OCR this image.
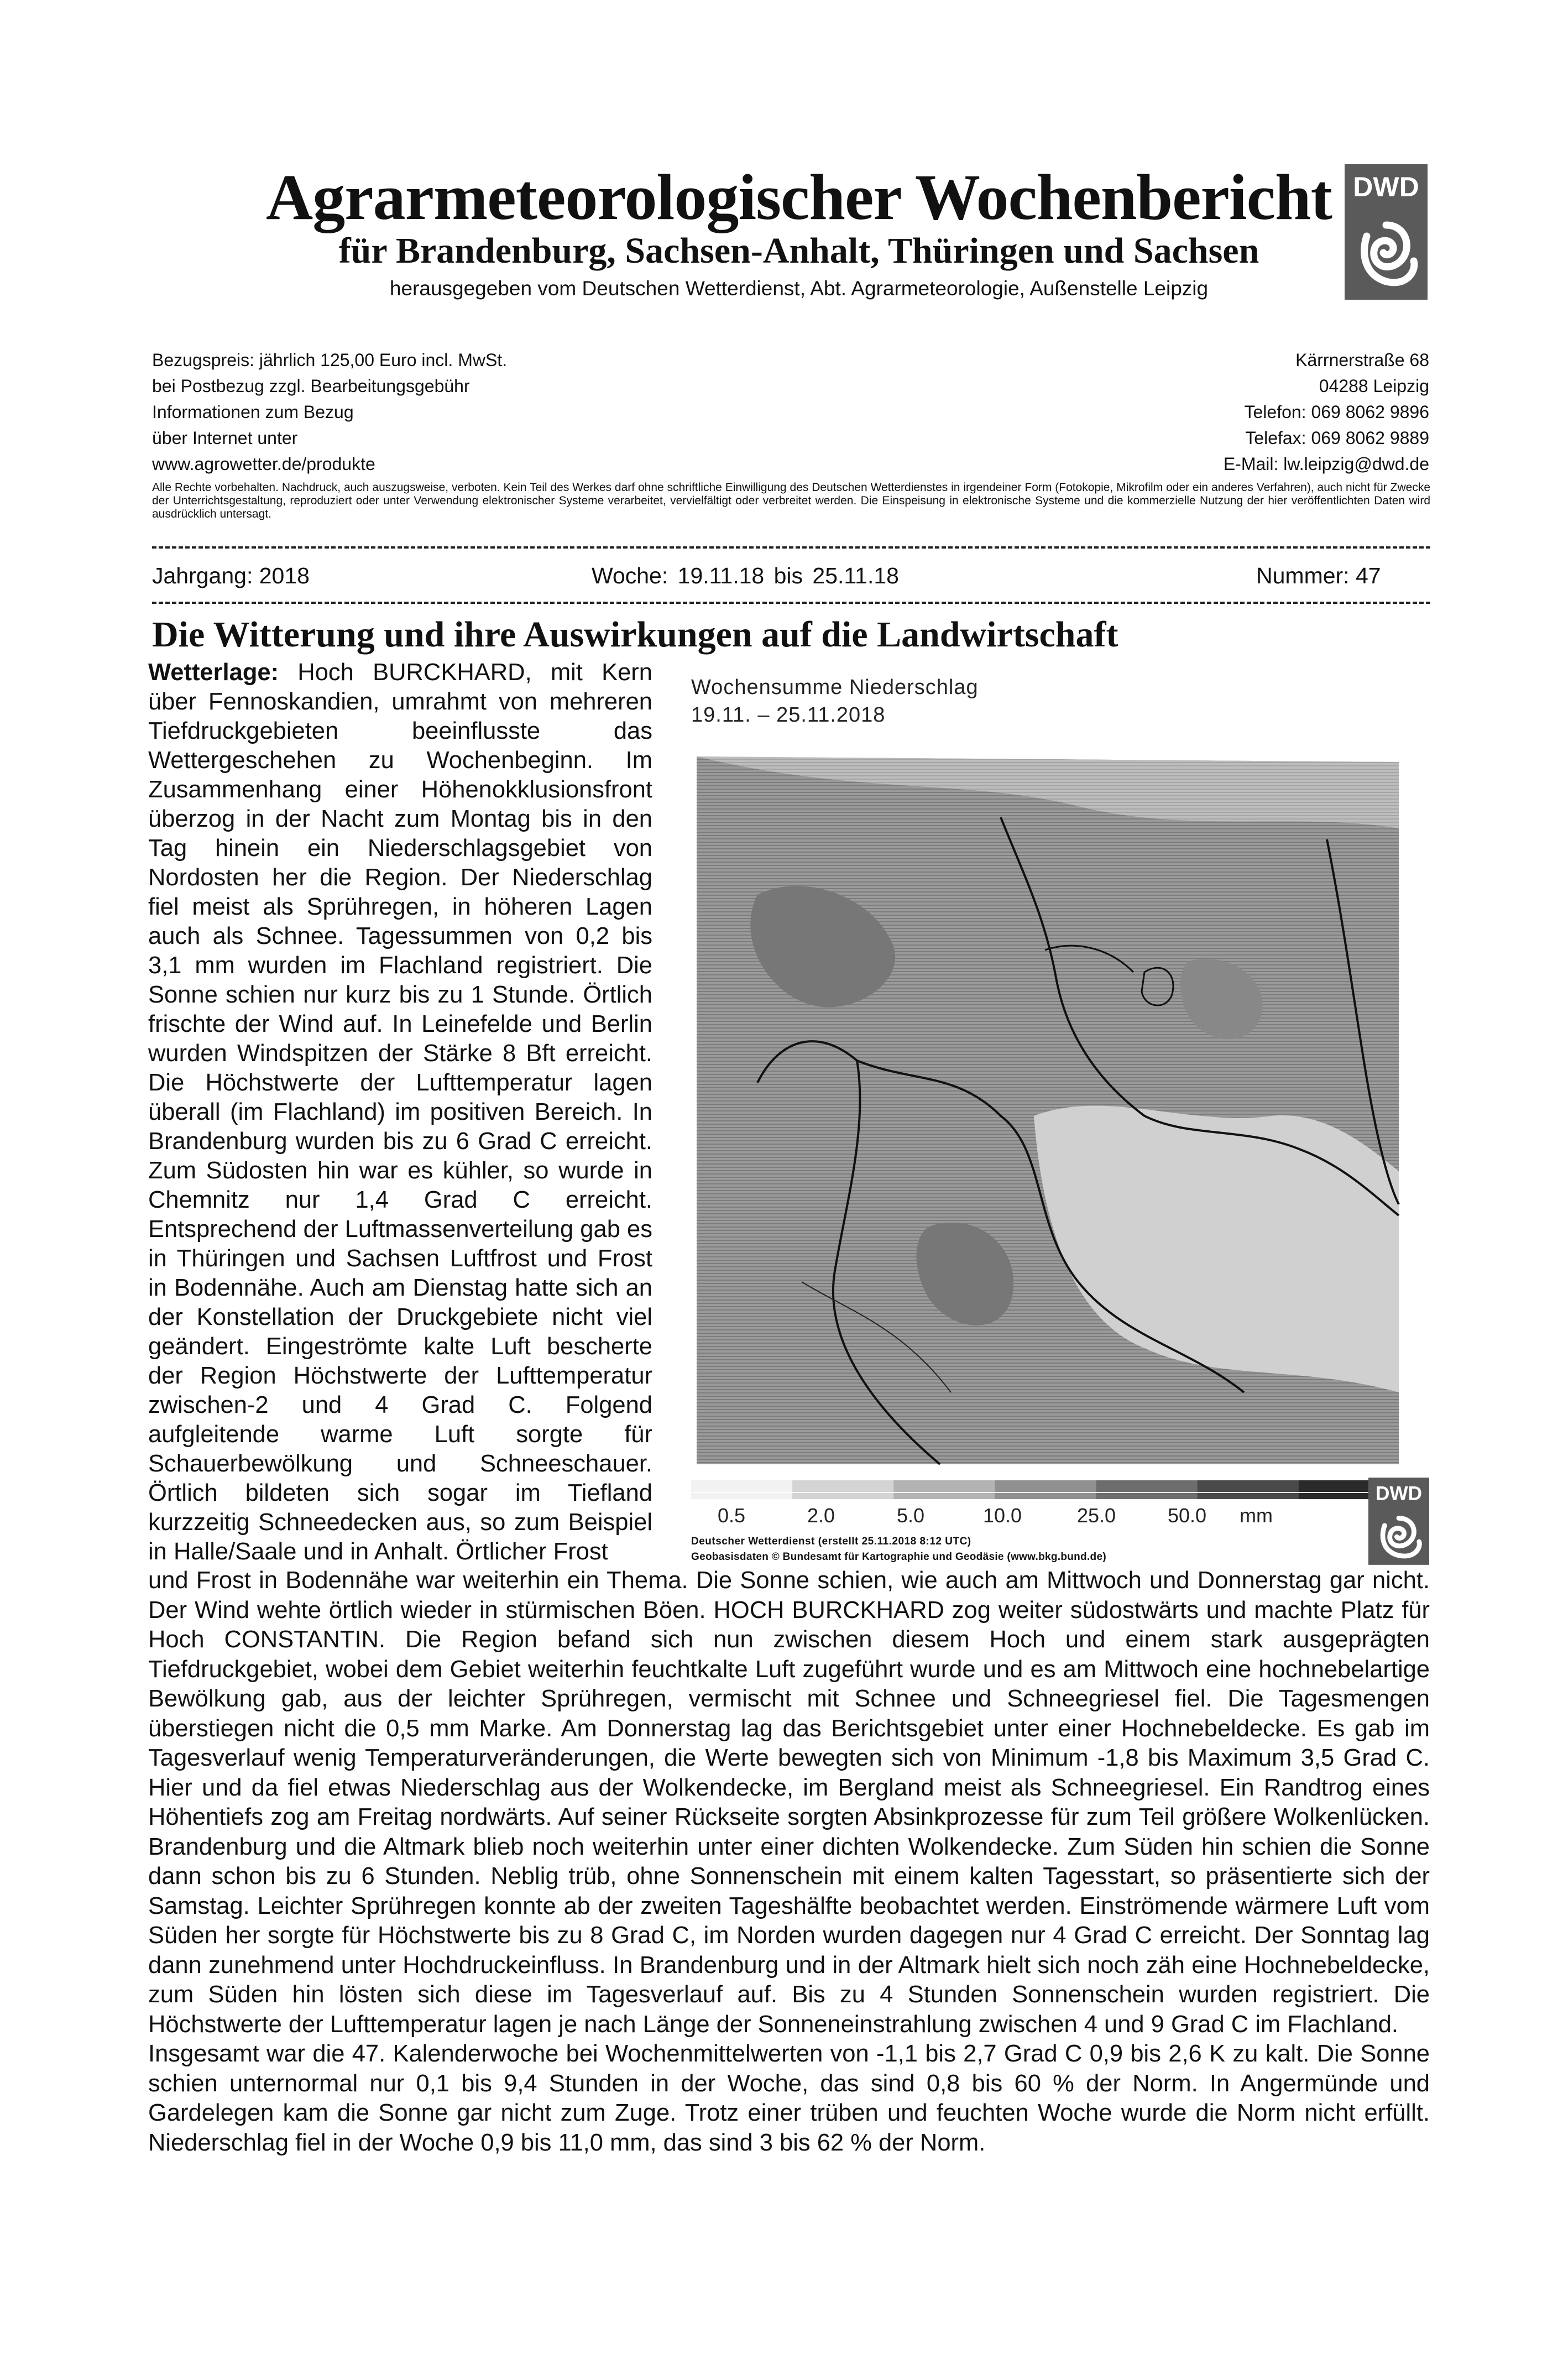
Agrarmeteorologischer Wochenbericht
für Brandenburg, Sachsen-Anhalt, Thüringen und Sachsen
herausgegeben vom Deutschen Wetterdienst, Abt. Agrarmeteorologie, Außenstelle Leipzig
DWD
Bezugspreis: jährlich 125,00 Euro incl. MwSt.
bei Postbezug zzgl. Bearbeitungsgebühr
Informationen zum Bezug
über Internet unter
www.agrowetter.de/produkte
Kärrnerstraße 68
04288 Leipzig
Telefon: 069 8062 9896
Telefax: 069 8062 9889
E-Mail: lw.leipzig@dwd.de
Alle Rechte vorbehalten. Nachdruck, auch auszugsweise, verboten. Kein Teil des Werkes darf ohne schriftliche Einwilligung des Deutschen Wetterdienstes in irgendeiner Form (Fotokopie, Mikrofilm oder ein anderes Verfahren), auch nicht für Zwecke der Unterrichtsgestaltung, reproduziert oder unter Verwendung elektronischer Systeme verarbeitet, vervielfältigt oder verbreitet werden. Die Einspeisung in elektronische Systeme und die kommerzielle Nutzung der hier veröffentlichten Daten wird ausdrücklich untersagt.
Jahrgang: 2018	Woche: 19.11.18 bis 25.11.18	Nummer: 47
Die Witterung und ihre Auswirkungen auf die Landwirtschaft
Wetterlage: Hoch BURCKHARD, mit Kern über Fennoskandien, umrahmt von mehreren Tiefdruckgebieten beeinflusste das Wettergeschehen zu Wochenbeginn. Im Zusammenhang einer Höhenokklusionsfront überzog in der Nacht zum Montag bis in den Tag hinein ein Niederschlagsgebiet von Nordosten her die Region. Der Niederschlag fiel meist als Sprühregen, in höheren Lagen auch als Schnee. Tagessummen von 0,2 bis 3,1 mm wurden im Flachland registriert. Die Sonne schien nur kurz bis zu 1 Stunde. Örtlich frischte der Wind auf. In Leinefelde und Berlin wurden Windspitzen der Stärke 8 Bft erreicht. Die Höchstwerte der Lufttemperatur lagen überall (im Flachland) im positiven Bereich. In Brandenburg wurden bis zu 6 Grad C erreicht. Zum Südosten hin war es kühler, so wurde in Chemnitz nur 1,4 Grad C erreicht. Entsprechend der Luftmassenverteilung gab es in Thüringen und Sachsen Luftfrost und Frost in Bodennähe. Auch am Dienstag hatte sich an der Konstellation der Druckgebiete nicht viel geändert. Eingeströmte kalte Luft bescherte der Region Höchstwerte der Lufttemperatur zwischen-2 und 4 Grad C. Folgend aufgleitende warme Luft sorgte für Schauerbewölkung und Schneeschauer. Örtlich bildeten sich sogar im Tiefland kurzzeitig Schneedecken aus, so zum Beispiel in Halle/Saale und in Anhalt. Örtlicher Frost
Wochensumme Niederschlag
19.11. – 25.11.2018
0.5	2.0	5.0	10.0	25.0	50.0 mm
Deutscher Wetterdienst (erstellt 25.11.2018 8:12 UTC)
Geobasisdaten © Bundesamt für Kartographie und Geodäsie (www.bkg.bund.de)
DWD
und Frost in Bodennähe war weiterhin ein Thema. Die Sonne schien, wie auch am Mittwoch und Donnerstag gar nicht. Der Wind wehte örtlich wieder in stürmischen Böen. HOCH BURCKHARD zog weiter südostwärts und machte Platz für Hoch CONSTANTIN. Die Region befand sich nun zwischen diesem Hoch und einem stark ausgeprägten Tiefdruckgebiet, wobei dem Gebiet weiterhin feuchtkalte Luft zugeführt wurde und es am Mittwoch eine hochnebelartige Bewölkung gab, aus der leichter Sprühregen, vermischt mit Schnee und Schneegriesel fiel. Die Tagesmengen überstiegen nicht die 0,5 mm Marke. Am Donnerstag lag das Berichtsgebiet unter einer Hochnebeldecke. Es gab im Tagesverlauf wenig Temperaturveränderungen, die Werte bewegten sich von Minimum -1,8 bis Maximum 3,5 Grad C. Hier und da fiel etwas Niederschlag aus der Wolkendecke, im Bergland meist als Schneegriesel. Ein Randtrog eines Höhentiefs zog am Freitag nordwärts. Auf seiner Rückseite sorgten Absinkprozesse für zum Teil größere Wolkenlücken. Brandenburg und die Altmark blieb noch weiterhin unter einer dichten Wolkendecke. Zum Süden hin schien die Sonne dann schon bis zu 6 Stunden. Neblig trüb, ohne Sonnenschein mit einem kalten Tagesstart, so präsentierte sich der Samstag. Leichter Sprühregen konnte ab der zweiten Tageshälfte beobachtet werden. Einströmende wärmere Luft vom Süden her sorgte für Höchstwerte bis zu 8 Grad C, im Norden wurden dagegen nur 4 Grad C erreicht. Der Sonntag lag dann zunehmend unter Hochdruckeinfluss. In Brandenburg und in der Altmark hielt sich noch zäh eine Hochnebeldecke, zum Süden hin lösten sich diese im Tagesverlauf auf. Bis zu 4 Stunden Sonnenschein wurden registriert. Die Höchstwerte der Lufttemperatur lagen je nach Länge der Sonneneinstrahlung zwischen 4 und 9 Grad C im Flachland.
Insgesamt war die 47. Kalenderwoche bei Wochenmittelwerten von -1,1 bis 2,7 Grad C 0,9 bis 2,6 K zu kalt. Die Sonne schien unternormal nur 0,1 bis 9,4 Stunden in der Woche, das sind 0,8 bis 60 % der Norm. In Angermünde und Gardelegen kam die Sonne gar nicht zum Zuge. Trotz einer trüben und feuchten Woche wurde die Norm nicht erfüllt. Niederschlag fiel in der Woche 0,9 bis 11,0 mm, das sind 3 bis 62 % der Norm.
